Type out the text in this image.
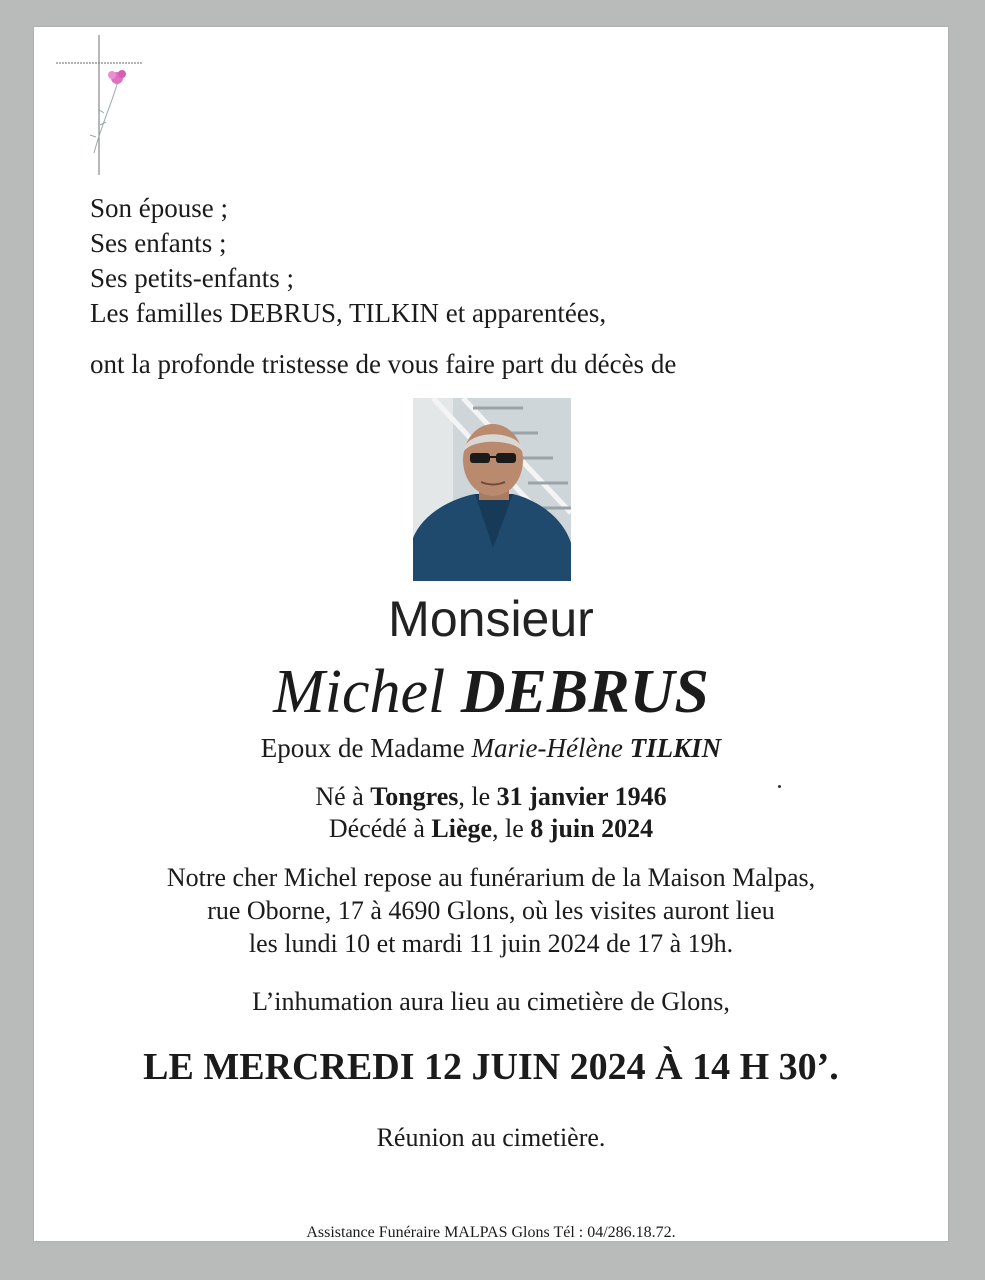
Son épouse ;
Ses enfants ;
Ses petits-enfants ;
Les familles DEBRUS, TILKIN et apparentées,
ont la profonde tristesse de vous faire part du décès de
Monsieur
Michel DEBRUS
Epoux de Madame Marie-Hélène TILKIN
Né à Tongres, le 31 janvier 1946
Décédé à Liège, le 8 juin 2024
Notre cher Michel repose au funérarium de la Maison Malpas,
rue Oborne, 17 à 4690 Glons, où les visites auront lieu
les lundi 10 et mardi 11 juin 2024 de 17 à 19h.
L’inhumation aura lieu au cimetière de Glons,
LE MERCREDI 12 JUIN 2024 À 14 H 30’.
Réunion au cimetière.
Assistance Funéraire MALPAS Glons Tél : 04/286.18.72.
